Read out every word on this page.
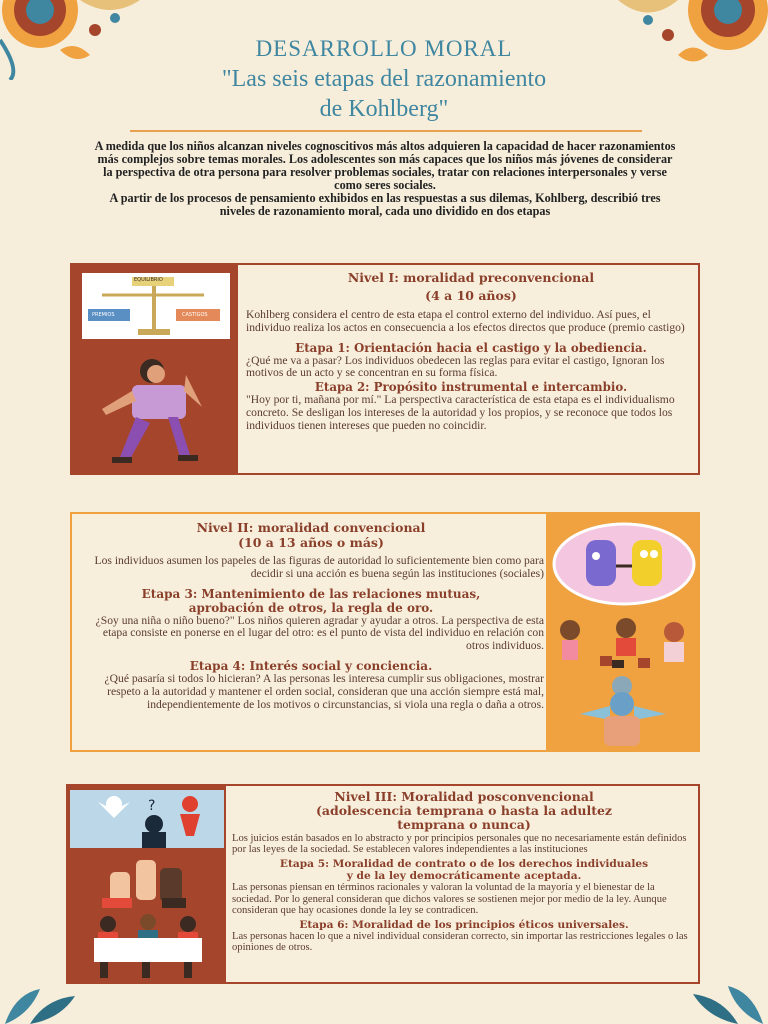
DESARROLLO MORAL
"Las seis etapas del razonamiento
de Kohlberg"

A medida que los niños alcanzan niveles cognoscitivos más altos adquieren la capacidad de hacer razonamientos más complejos sobre temas morales. Los adolescentes son más capaces que los niños más jóvenes de considerar la perspectiva de otra persona para resolver problemas sociales, tratar con relaciones interpersonales y verse como seres sociales.

A partir de los procesos de pensamiento exhibidos en las respuestas a sus dilemas, Kohlberg, describió tres niveles de razonamiento moral, cada uno dividido en dos etapas

EQUILIBRIO
PREMIOS	CASTIGOS

Nivel I: moralidad preconvencional

(4 a 10 años)

Kohlberg considera el centro de esta etapa el control externo del individuo. Así pues, el individuo realiza los actos en consecuencia a los efectos directos que produce (premio castigo)

Etapa 1: Orientación hacia el castigo y la obediencia.

¿Qué me va a pasar? Los individuos obedecen las reglas para evitar el castigo, Ignoran los motivos de un acto y se concentran en su forma física.

Etapa 2: Propósito instrumental e intercambio.

"Hoy por ti, mañana por mí." La perspectiva característica de esta etapa es el individualismo concreto. Se desligan los intereses de la autoridad y los propios, y se reconoce que todos los individuos tienen intereses que pueden no coincidir.

Nivel II: moralidad convencional

(10 a 13 años o más)

Los individuos asumen los papeles de las figuras de autoridad lo suficientemente bien como para decidir si una acción es buena según las instituciones (sociales)

Etapa 3: Mantenimiento de las relaciones mutuas,

aprobación de otros, la regla de oro.

¿Soy una niña o niño bueno?" Los niños quieren agradar y ayudar a otros. La perspectiva de esta etapa consiste en ponerse en el lugar del otro: es el punto de vista del individuo en relación con otros individuos.

Etapa 4: Interés social y conciencia.

¿Qué pasaría si todos lo hicieran? A las personas les interesa cumplir sus obligaciones, mostrar respeto a la autoridad y mantener el orden social, consideran que una acción siempre está mal, independientemente de los motivos o circunstancias, si viola una regla o daña a otros.

?

Nivel III: Moralidad posconvencional

(adolescencia temprana o hasta la adultez

temprana o nunca)

Los juicios están basados en lo abstracto y por principios personales que no necesariamente están definidos por las leyes de la sociedad. Se establecen valores independientes a las instituciones

Etapa 5: Moralidad de contrato o de los derechos individuales

y de la ley democráticamente aceptada.

Las personas piensan en términos racionales y valoran la voluntad de la mayoría y el bienestar de la sociedad. Por lo general consideran que dichos valores se sostienen mejor por medio de la ley. Aunque consideran que hay ocasiones donde la ley se contradicen.

Etapa 6: Moralidad de los principios éticos universales.

Las personas hacen lo que a nivel individual consideran correcto, sin importar las restricciones legales o las opiniones de otros.
